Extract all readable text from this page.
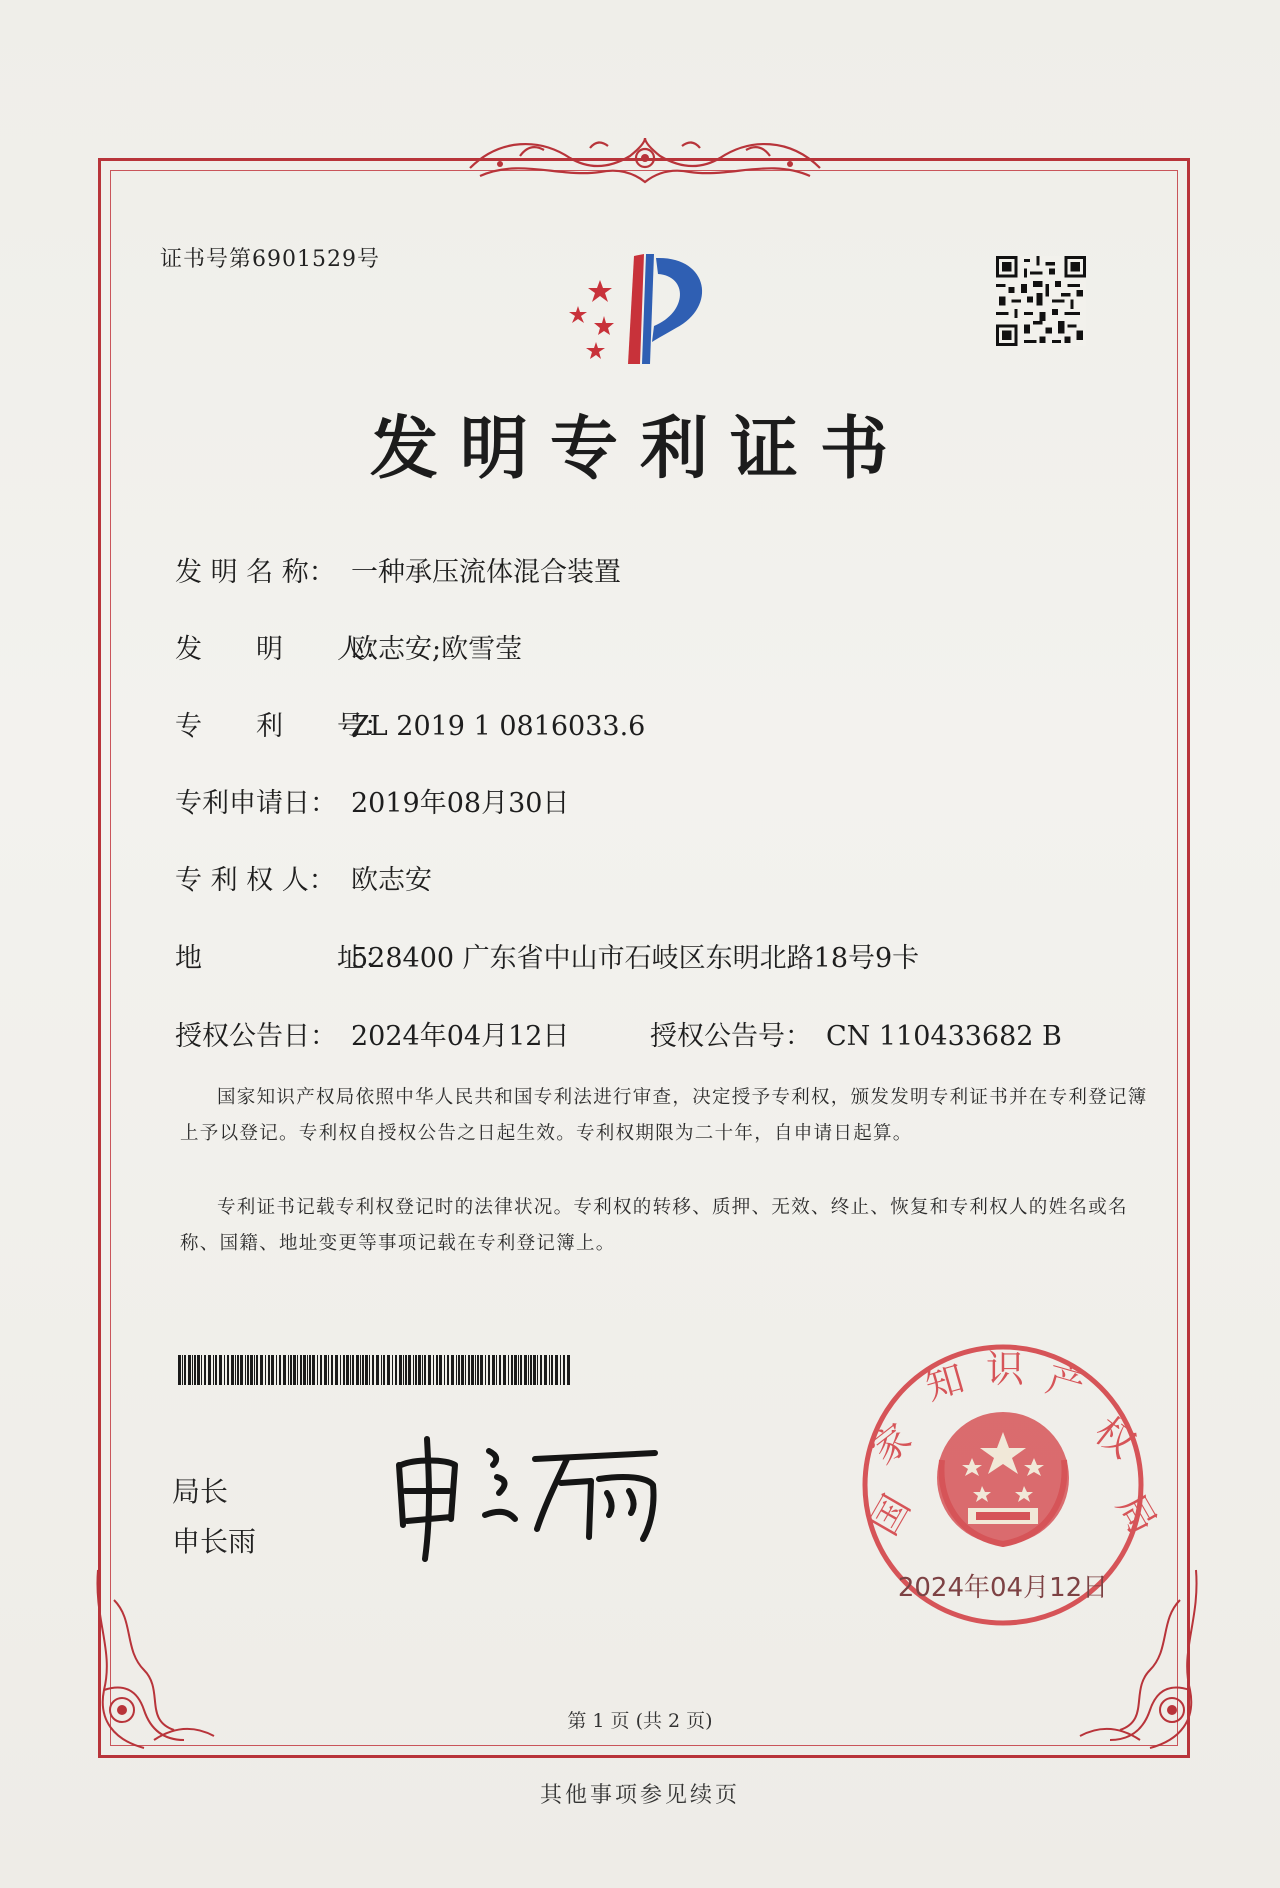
证书号第6901529号
发明专利证书
发 明 名 称： 一种承压流体混合装置
发　　明　　人：欧志安;欧雪莹
专　　利　　号：ZL 2019 1 0816033.6
专利申请日： 2019年08月30日
专 利 权 人： 欧志安
地　　　　　址：528400 广东省中山市石岐区东明北路18号9卡
授权公告日： 2024年04月12日	授权公告号： CN 110433682 B
国家知识产权局依照中华人民共和国专利法进行审查，决定授予专利权，颁发发明专利证书并在专利登记簿上予以登记。专利权自授权公告之日起生效。专利权期限为二十年，自申请日起算。
专利证书记载专利权登记时的法律状况。专利权的转移、质押、无效、终止、恢复和专利权人的姓名或名称、国籍、地址变更等事项记载在专利登记簿上。
局长
申长雨	国
家
知 识 产
权
局
2024年04月12日
第 1 页 (共 2 页)
其他事项参见续页
